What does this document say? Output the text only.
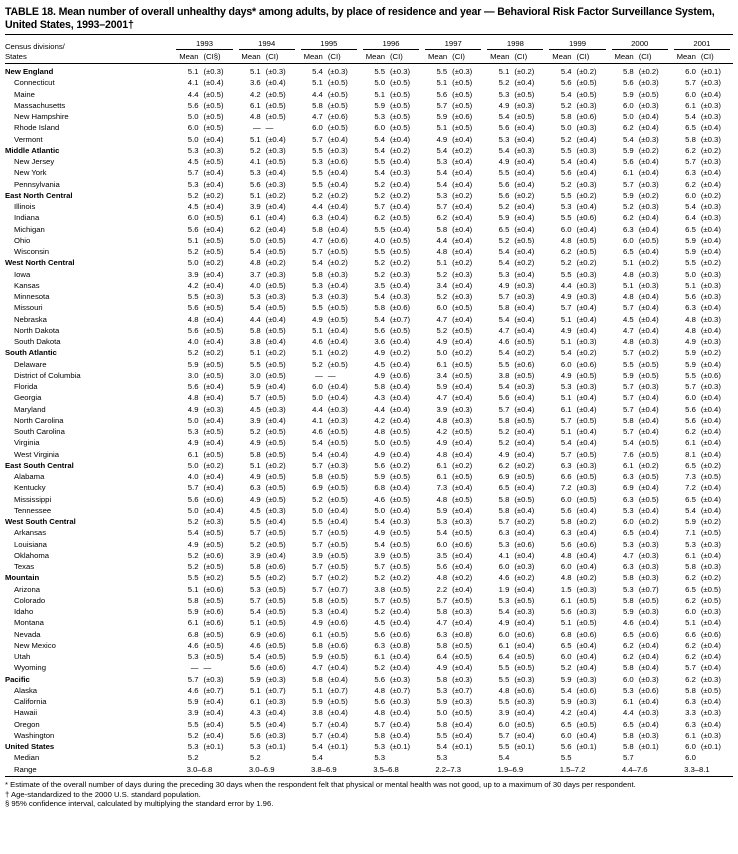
TABLE 18. Mean number of overall unhealthy days* among adults, by place of residence and year — Behavioral Risk Factor Surveillance System, United States, 1993–2001†
Census divisions/
States	1993		1994		1995		1996		1997		1998		1999		2000		2001	

	Mean	(CI§)	Mean	(CI)	Mean	(CI)	Mean	(CI)	Mean	(CI)	Mean	(CI)	Mean	(CI)	Mean	(CI)	Mean	(CI)
New England	5.1	(±0.3)	5.1	(±0.3)	5.4	(±0.3)	5.5	(±0.3)	5.5	(±0.3)	5.1	(±0.2)	5.4	(±0.2)	5.8	(±0.2)	6.0	(±0.1)
Connecticut	4.1	(±0.4)	3.6	(±0.4)	5.1	(±0.5)	5.0	(±0.5)	5.1	(±0.5)	5.2	(±0.4)	5.6	(±0.5)	5.6	(±0.3)	5.7	(±0.3)
Maine	4.4	(±0.5)	4.2	(±0.5)	4.4	(±0.5)	5.1	(±0.5)	5.6	(±0.5)	5.3	(±0.5)	5.4	(±0.5)	5.9	(±0.5)	6.0	(±0.4)
Massachusetts	5.6	(±0.5)	6.1	(±0.5)	5.8	(±0.5)	5.9	(±0.5)	5.7	(±0.5)	4.9	(±0.3)	5.2	(±0.3)	6.0	(±0.3)	6.1	(±0.3)
New Hampshire	5.0	(±0.5)	4.8	(±0.5)	4.7	(±0.6)	5.3	(±0.5)	5.9	(±0.6)	5.4	(±0.5)	5.8	(±0.6)	5.0	(±0.4)	5.4	(±0.3)
Rhode Island	6.0	(±0.5)	—	—	6.0	(±0.5)	6.0	(±0.5)	5.1	(±0.5)	5.6	(±0.4)	5.0	(±0.3)	6.2	(±0.4)	6.5	(±0.4)
Vermont	5.0	(±0.4)	5.1	(±0.4)	5.7	(±0.4)	5.4	(±0.4)	4.9	(±0.4)	5.3	(±0.4)	5.2	(±0.4)	5.4	(±0.3)	5.8	(±0.3)
Middle Atlantic	5.3	(±0.3)	5.2	(±0.3)	5.5	(±0.3)	5.4	(±0.2)	5.4	(±0.2)	5.4	(±0.3)	5.5	(±0.3)	5.9	(±0.2)	6.2	(±0.2)
New Jersey	4.5	(±0.5)	4.1	(±0.5)	5.3	(±0.6)	5.5	(±0.4)	5.3	(±0.4)	4.9	(±0.4)	5.4	(±0.4)	5.6	(±0.4)	5.7	(±0.3)
New York	5.7	(±0.4)	5.3	(±0.4)	5.5	(±0.4)	5.4	(±0.3)	5.4	(±0.4)	5.5	(±0.4)	5.6	(±0.4)	6.1	(±0.4)	6.3	(±0.4)
Pennsylvania	5.3	(±0.4)	5.6	(±0.3)	5.5	(±0.4)	5.2	(±0.4)	5.4	(±0.4)	5.6	(±0.4)	5.2	(±0.3)	5.7	(±0.3)	6.2	(±0.4)
East North Central	5.2	(±0.2)	5.1	(±0.2)	5.2	(±0.2)	5.2	(±0.2)	5.3	(±0.2)	5.6	(±0.2)	5.5	(±0.2)	5.9	(±0.2)	6.0	(±0.2)
Illinois	4.5	(±0.4)	3.9	(±0.4)	4.4	(±0.4)	5.7	(±0.4)	5.7	(±0.4)	5.2	(±0.4)	5.3	(±0.4)	5.2	(±0.3)	5.4	(±0.3)
Indiana	6.0	(±0.5)	6.1	(±0.4)	6.3	(±0.4)	6.2	(±0.5)	6.2	(±0.4)	5.9	(±0.4)	5.5	(±0.6)	6.2	(±0.4)	6.4	(±0.3)
Michigan	5.6	(±0.4)	6.2	(±0.4)	5.8	(±0.4)	5.5	(±0.4)	5.8	(±0.4)	6.5	(±0.4)	6.0	(±0.4)	6.3	(±0.4)	6.5	(±0.4)
Ohio	5.1	(±0.5)	5.0	(±0.5)	4.7	(±0.6)	4.0	(±0.5)	4.4	(±0.4)	5.2	(±0.5)	4.8	(±0.5)	6.0	(±0.5)	5.9	(±0.4)
Wisconsin	5.2	(±0.5)	5.4	(±0.5)	5.7	(±0.5)	5.5	(±0.5)	4.8	(±0.4)	5.4	(±0.4)	6.2	(±0.5)	6.5	(±0.4)	5.9	(±0.4)
West North Central	5.0	(±0.2)	4.8	(±0.2)	5.4	(±0.2)	5.2	(±0.2)	5.1	(±0.2)	5.4	(±0.2)	5.2	(±0.2)	5.1	(±0.2)	5.5	(±0.2)
Iowa	3.9	(±0.4)	3.7	(±0.3)	5.8	(±0.3)	5.2	(±0.3)	5.2	(±0.3)	5.3	(±0.4)	5.5	(±0.3)	4.8	(±0.3)	5.0	(±0.3)
Kansas	4.2	(±0.4)	4.0	(±0.5)	5.3	(±0.4)	3.5	(±0.4)	3.4	(±0.4)	4.9	(±0.3)	4.4	(±0.3)	5.1	(±0.3)	5.1	(±0.3)
Minnesota	5.5	(±0.3)	5.3	(±0.3)	5.3	(±0.3)	5.4	(±0.3)	5.2	(±0.3)	5.7	(±0.3)	4.9	(±0.3)	4.8	(±0.4)	5.6	(±0.3)
Missouri	5.6	(±0.5)	5.4	(±0.5)	5.5	(±0.5)	5.8	(±0.6)	6.0	(±0.5)	5.8	(±0.4)	5.7	(±0.4)	5.7	(±0.4)	6.3	(±0.4)
Nebraska	4.8	(±0.4)	4.4	(±0.4)	4.9	(±0.5)	5.4	(±0.7)	4.7	(±0.4)	5.4	(±0.4)	5.1	(±0.4)	4.5	(±0.4)	4.8	(±0.3)
North Dakota	5.6	(±0.5)	5.8	(±0.5)	5.1	(±0.4)	5.6	(±0.5)	5.2	(±0.5)	4.7	(±0.4)	4.9	(±0.4)	4.7	(±0.4)	4.8	(±0.4)
South Dakota	4.0	(±0.4)	3.8	(±0.4)	4.6	(±0.4)	3.6	(±0.4)	4.9	(±0.4)	4.6	(±0.5)	5.1	(±0.3)	4.8	(±0.3)	4.9	(±0.3)
South Atlantic	5.2	(±0.2)	5.1	(±0.2)	5.1	(±0.2)	4.9	(±0.2)	5.0	(±0.2)	5.4	(±0.2)	5.4	(±0.2)	5.7	(±0.2)	5.9	(±0.2)
Delaware	5.9	(±0.5)	5.5	(±0.5)	5.2	(±0.5)	4.5	(±0.4)	6.1	(±0.5)	5.5	(±0.6)	6.0	(±0.6)	5.5	(±0.5)	5.9	(±0.4)
District of Columbia	3.0	(±0.5)	3.0	(±0.5)	—	—	4.9	(±0.6)	3.4	(±0.5)	3.8	(±0.5)	4.9	(±0.5)	5.9	(±0.5)	5.5	(±0.6)
Florida	5.6	(±0.4)	5.9	(±0.4)	6.0	(±0.4)	5.8	(±0.4)	5.9	(±0.4)	5.4	(±0.3)	5.3	(±0.3)	5.7	(±0.3)	5.7	(±0.3)
Georgia	4.8	(±0.4)	5.7	(±0.5)	5.0	(±0.4)	4.3	(±0.4)	4.7	(±0.4)	5.6	(±0.4)	5.1	(±0.4)	5.7	(±0.4)	6.0	(±0.4)
Maryland	4.9	(±0.3)	4.5	(±0.3)	4.4	(±0.3)	4.4	(±0.4)	3.9	(±0.3)	5.7	(±0.4)	6.1	(±0.4)	5.7	(±0.4)	5.6	(±0.4)
North Carolina	5.0	(±0.4)	3.9	(±0.4)	4.1	(±0.3)	4.2	(±0.4)	4.8	(±0.3)	5.8	(±0.5)	5.7	(±0.5)	5.8	(±0.4)	5.6	(±0.4)
South Carolina	5.3	(±0.5)	5.2	(±0.5)	4.6	(±0.5)	4.8	(±0.5)	4.2	(±0.5)	5.2	(±0.4)	5.1	(±0.4)	5.7	(±0.4)	6.2	(±0.4)
Virginia	4.9	(±0.4)	4.9	(±0.5)	5.4	(±0.5)	5.0	(±0.5)	4.9	(±0.4)	5.2	(±0.4)	5.4	(±0.4)	5.4	(±0.5)	6.1	(±0.4)
West Virginia	6.1	(±0.5)	5.8	(±0.5)	5.4	(±0.4)	4.9	(±0.4)	4.8	(±0.4)	4.9	(±0.4)	5.7	(±0.5)	7.6	(±0.5)	8.1	(±0.4)
East South Central	5.0	(±0.2)	5.1	(±0.2)	5.7	(±0.3)	5.6	(±0.2)	6.1	(±0.2)	6.2	(±0.2)	6.3	(±0.3)	6.1	(±0.2)	6.5	(±0.2)
Alabama	4.0	(±0.4)	4.9	(±0.5)	5.8	(±0.5)	5.9	(±0.5)	6.1	(±0.5)	6.9	(±0.5)	6.6	(±0.5)	6.3	(±0.5)	7.3	(±0.5)
Kentucky	5.7	(±0.4)	6.3	(±0.5)	6.9	(±0.5)	6.8	(±0.4)	7.3	(±0.4)	6.5	(±0.4)	7.2	(±0.3)	6.9	(±0.4)	7.2	(±0.4)
Mississippi	5.6	(±0.6)	4.9	(±0.5)	5.2	(±0.5)	4.6	(±0.5)	4.8	(±0.5)	5.8	(±0.5)	6.0	(±0.5)	6.3	(±0.5)	6.5	(±0.4)
Tennessee	5.0	(±0.4)	4.5	(±0.3)	5.0	(±0.4)	5.0	(±0.4)	5.9	(±0.4)	5.8	(±0.4)	5.6	(±0.4)	5.3	(±0.4)	5.4	(±0.4)
West South Central	5.2	(±0.3)	5.5	(±0.4)	5.5	(±0.4)	5.4	(±0.3)	5.3	(±0.3)	5.7	(±0.2)	5.8	(±0.2)	6.0	(±0.2)	5.9	(±0.2)
Arkansas	5.4	(±0.5)	5.7	(±0.5)	5.7	(±0.5)	4.9	(±0.5)	5.4	(±0.5)	6.3	(±0.4)	6.3	(±0.4)	6.5	(±0.4)	7.1	(±0.5)
Louisiana	4.9	(±0.5)	5.2	(±0.5)	5.7	(±0.5)	5.4	(±0.5)	6.0	(±0.6)	5.3	(±0.6)	5.6	(±0.6)	5.3	(±0.3)	5.3	(±0.3)
Oklahoma	5.2	(±0.6)	3.9	(±0.4)	3.9	(±0.5)	3.9	(±0.5)	3.5	(±0.4)	4.1	(±0.4)	4.8	(±0.4)	4.7	(±0.3)	6.1	(±0.4)
Texas	5.2	(±0.5)	5.8	(±0.6)	5.7	(±0.5)	5.7	(±0.5)	5.6	(±0.4)	6.0	(±0.3)	6.0	(±0.4)	6.3	(±0.3)	5.8	(±0.3)
Mountain	5.5	(±0.2)	5.5	(±0.2)	5.7	(±0.2)	5.2	(±0.2)	4.8	(±0.2)	4.6	(±0.2)	4.8	(±0.2)	5.8	(±0.3)	6.2	(±0.2)
Arizona	5.1	(±0.6)	5.3	(±0.5)	5.7	(±0.7)	3.8	(±0.5)	2.2	(±0.4)	1.9	(±0.4)	1.5	(±0.3)	5.3	(±0.7)	6.5	(±0.5)
Colorado	5.8	(±0.5)	5.7	(±0.5)	5.8	(±0.5)	5.7	(±0.5)	5.7	(±0.5)	5.3	(±0.5)	6.1	(±0.5)	5.8	(±0.5)	6.2	(±0.5)
Idaho	5.9	(±0.6)	5.4	(±0.5)	5.3	(±0.4)	5.2	(±0.4)	5.8	(±0.3)	5.4	(±0.3)	5.6	(±0.3)	5.9	(±0.3)	6.0	(±0.3)
Montana	6.1	(±0.6)	5.1	(±0.5)	4.9	(±0.6)	4.5	(±0.4)	4.7	(±0.4)	4.9	(±0.4)	5.1	(±0.5)	4.6	(±0.4)	5.1	(±0.4)
Nevada	6.8	(±0.5)	6.9	(±0.6)	6.1	(±0.5)	5.6	(±0.6)	6.3	(±0.8)	6.0	(±0.6)	6.8	(±0.6)	6.5	(±0.6)	6.6	(±0.6)
New Mexico	4.6	(±0.5)	4.6	(±0.5)	5.8	(±0.6)	6.3	(±0.8)	5.8	(±0.5)	6.1	(±0.4)	6.5	(±0.4)	6.2	(±0.4)	6.2	(±0.4)
Utah	5.3	(±0.5)	5.4	(±0.5)	5.9	(±0.5)	6.1	(±0.4)	6.4	(±0.5)	6.4	(±0.5)	6.0	(±0.4)	6.2	(±0.4)	6.2	(±0.4)
Wyoming	—	—	5.6	(±0.6)	4.7	(±0.4)	5.2	(±0.4)	4.9	(±0.4)	5.5	(±0.5)	5.2	(±0.4)	5.8	(±0.4)	5.7	(±0.4)
Pacific	5.7	(±0.3)	5.9	(±0.3)	5.8	(±0.4)	5.6	(±0.3)	5.8	(±0.3)	5.5	(±0.3)	5.9	(±0.3)	6.0	(±0.3)	6.2	(±0.3)
Alaska	4.6	(±0.7)	5.1	(±0.7)	5.1	(±0.7)	4.8	(±0.7)	5.3	(±0.7)	4.8	(±0.6)	5.4	(±0.6)	5.3	(±0.6)	5.8	(±0.5)
California	5.9	(±0.4)	6.1	(±0.3)	5.9	(±0.5)	5.6	(±0.3)	5.9	(±0.3)	5.5	(±0.3)	5.9	(±0.3)	6.1	(±0.4)	6.3	(±0.4)
Hawaii	3.9	(±0.4)	4.3	(±0.4)	3.8	(±0.4)	4.8	(±0.4)	5.0	(±0.5)	3.9	(±0.4)	4.2	(±0.4)	4.4	(±0.3)	3.3	(±0.3)
Oregon	5.5	(±0.4)	5.5	(±0.4)	5.7	(±0.4)	5.7	(±0.4)	5.8	(±0.4)	6.0	(±0.5)	6.5	(±0.5)	6.5	(±0.4)	6.3	(±0.4)
Washington	5.2	(±0.4)	5.6	(±0.3)	5.7	(±0.4)	5.8	(±0.4)	5.5	(±0.4)	5.7	(±0.4)	6.0	(±0.4)	5.8	(±0.3)	6.1	(±0.3)
United States	5.3	(±0.1)	5.3	(±0.1)	5.4	(±0.1)	5.3	(±0.1)	5.4	(±0.1)	5.5	(±0.1)	5.6	(±0.1)	5.8	(±0.1)	6.0	(±0.1)
Median	5.2		5.2		5.4		5.3		5.3		5.4		5.5		5.7		6.0	
Range	3.0–6.8		3.0–6.9		3.8–6.9		3.5–6.8		2.2–7.3		1.9–6.9		1.5–7.2		4.4–7.6		3.3–8.1	

* Estimate of the overall number of days during the preceding 30 days when the respondent felt that physical or mental health was not good, up to a maximum of 30 days per respondent.

† Age-standardized to the 2000 U.S. standard population.

§ 95% confidence interval, calculated by multiplying the standard error by 1.96.
